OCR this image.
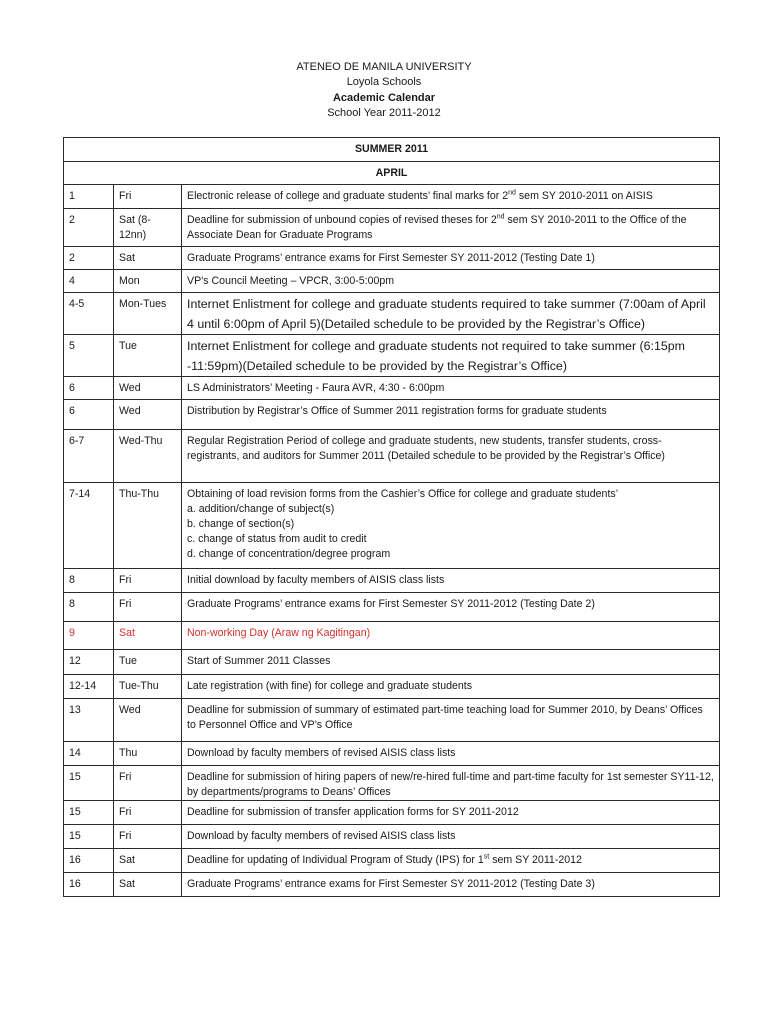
ATENEO DE MANILA UNIVERSITY
Loyola Schools
Academic Calendar
School Year 2011-2012
SUMMER 2011		
APRIL		
1	Fri	Electronic release of college and graduate students’ final marks for 2nd sem SY 2010-2011 on AISIS
2	Sat (8-12nn)	Deadline for submission of unbound copies of revised theses for 2nd sem SY 2010-2011 to the Office of the Associate Dean for Graduate Programs
2	Sat	Graduate Programs’ entrance exams for First Semester SY 2011-2012 (Testing Date 1)
4	Mon	VP’s Council Meeting – VPCR, 3:00-5:00pm
4-5	Mon-Tues	Internet Enlistment for college and graduate students required to take summer (7:00am of April 4 until 6:00pm of April 5)(Detailed schedule to be provided by the Registrar’s Office)
5	Tue	Internet Enlistment for college and graduate students not required to take summer (6:15pm -11:59pm)(Detailed schedule to be provided by the Registrar’s Office)
6	Wed	LS Administrators’ Meeting - Faura AVR, 4:30 - 6:00pm
6	Wed	Distribution by Registrar’s Office of Summer 2011 registration forms for graduate students
6-7	Wed-Thu	Regular Registration Period of college and graduate students, new students, transfer students, cross-registrants, and auditors for Summer 2011 (Detailed schedule to be provided by the Registrar’s Office)
7-14	Thu-Thu	Obtaining of load revision forms from the Cashier’s Office for college and graduate students’
a. addition/change of subject(s)
b. change of section(s)
c. change of status from audit to credit
d. change of concentration/degree program

8	Fri	Initial download by faculty members of AISIS class lists
8	Fri	Graduate Programs’ entrance exams for First Semester SY 2011-2012 (Testing Date 2)
9	Sat	Non-working Day (Araw ng Kagitingan)
12	Tue	Start of Summer 2011 Classes
12-14	Tue-Thu	Late registration (with fine) for college and graduate students
13	Wed	Deadline for submission of summary of estimated part-time teaching load for Summer 2010, by Deans’ Offices to Personnel Office and VP’s Office
14	Thu	Download by faculty members of revised AISIS class lists
15	Fri	Deadline for submission of hiring papers of new/re-hired full-time and part-time faculty for 1st semester SY11-12, by departments/programs to Deans’ Offices
15	Fri	Deadline for submission of transfer application forms for SY 2011-2012
15	Fri	Download by faculty members of revised AISIS class lists
16	Sat	Deadline for updating of Individual Program of Study (IPS) for 1st sem SY 2011-2012
16	Sat	Graduate Programs’ entrance exams for First Semester SY 2011-2012 (Testing Date 3)
